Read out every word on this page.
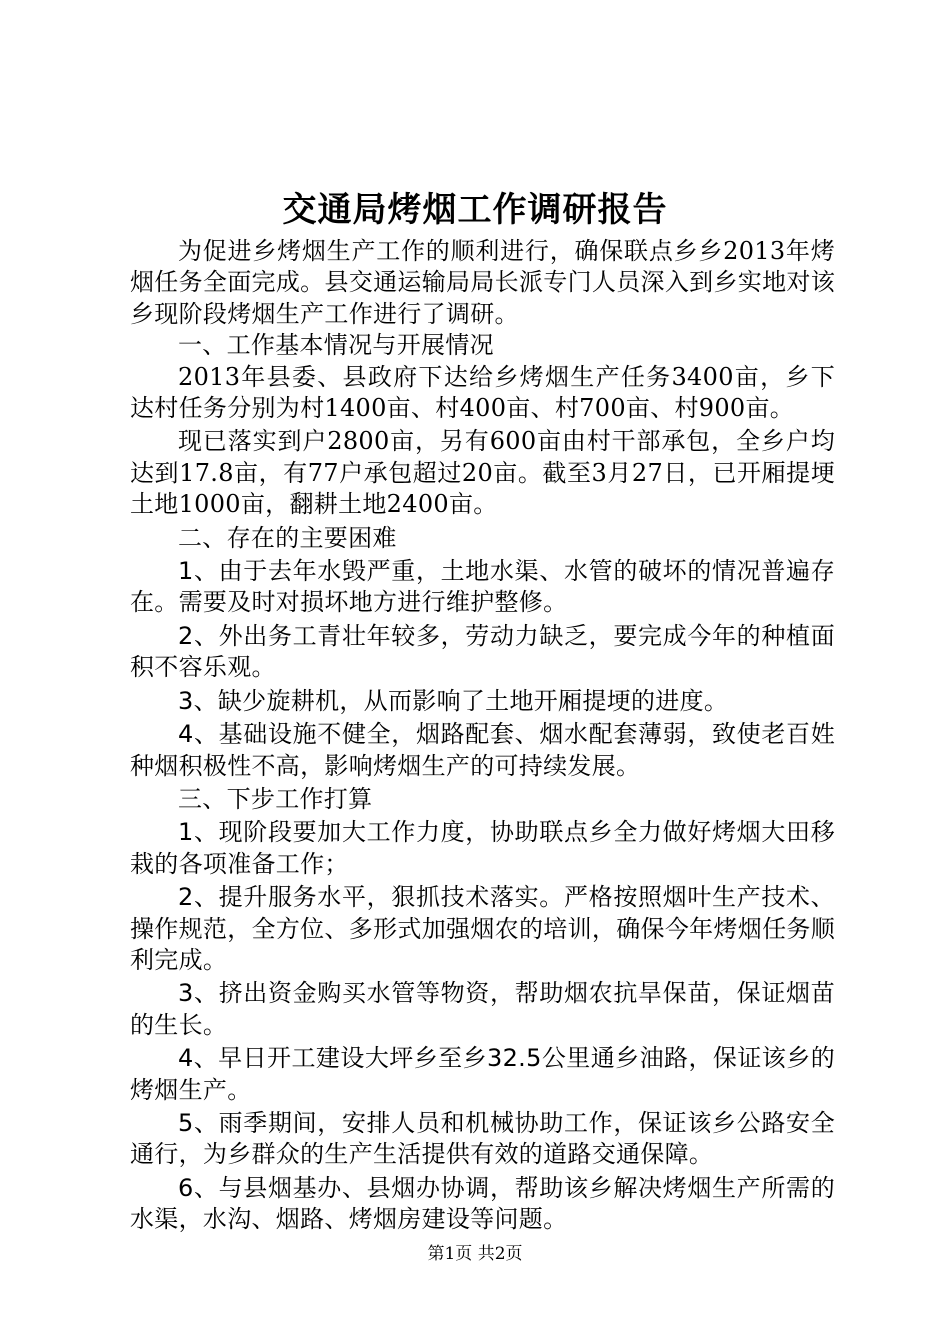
交通局烤烟工作调研报告

为促进乡烤烟生产工作的顺利进行，确保联点乡乡2013年烤烟任务全面完成。县交通运输局局长派专门人员深入到乡实地对该乡现阶段烤烟生产工作进行了调研。

一、工作基本情况与开展情况

2013年县委、县政府下达给乡烤烟生产任务3400亩，乡下达村任务分别为村1400亩、村400亩、村700亩、村900亩。

现已落实到户2800亩，另有600亩由村干部承包，全乡户均达到17.8亩，有77户承包超过20亩。截至3月27日，已开厢提埂土地1000亩，翻耕土地2400亩。

二、存在的主要困难

1、由于去年水毁严重，土地水渠、水管的破坏的情况普遍存在。需要及时对损坏地方进行维护整修。

2、外出务工青壮年较多，劳动力缺乏，要完成今年的种植面积不容乐观。

3、缺少旋耕机，从而影响了土地开厢提埂的进度。

4、基础设施不健全，烟路配套、烟水配套薄弱，致使老百姓种烟积极性不高，影响烤烟生产的可持续发展。

三、下步工作打算

1、现阶段要加大工作力度，协助联点乡全力做好烤烟大田移栽的各项准备工作；

2、提升服务水平，狠抓技术落实。严格按照烟叶生产技术、操作规范，全方位、多形式加强烟农的培训，确保今年烤烟任务顺利完成。

3、挤出资金购买水管等物资，帮助烟农抗旱保苗，保证烟苗的生长。

4、早日开工建设大坪乡至乡32.5公里通乡油路，保证该乡的烤烟生产。

5、雨季期间，安排人员和机械协助工作，保证该乡公路安全通行，为乡群众的生产生活提供有效的道路交通保障。

6、与县烟基办、县烟办协调，帮助该乡解决烤烟生产所需的水渠，水沟、烟路、烤烟房建设等问题。

第1页 共2页
